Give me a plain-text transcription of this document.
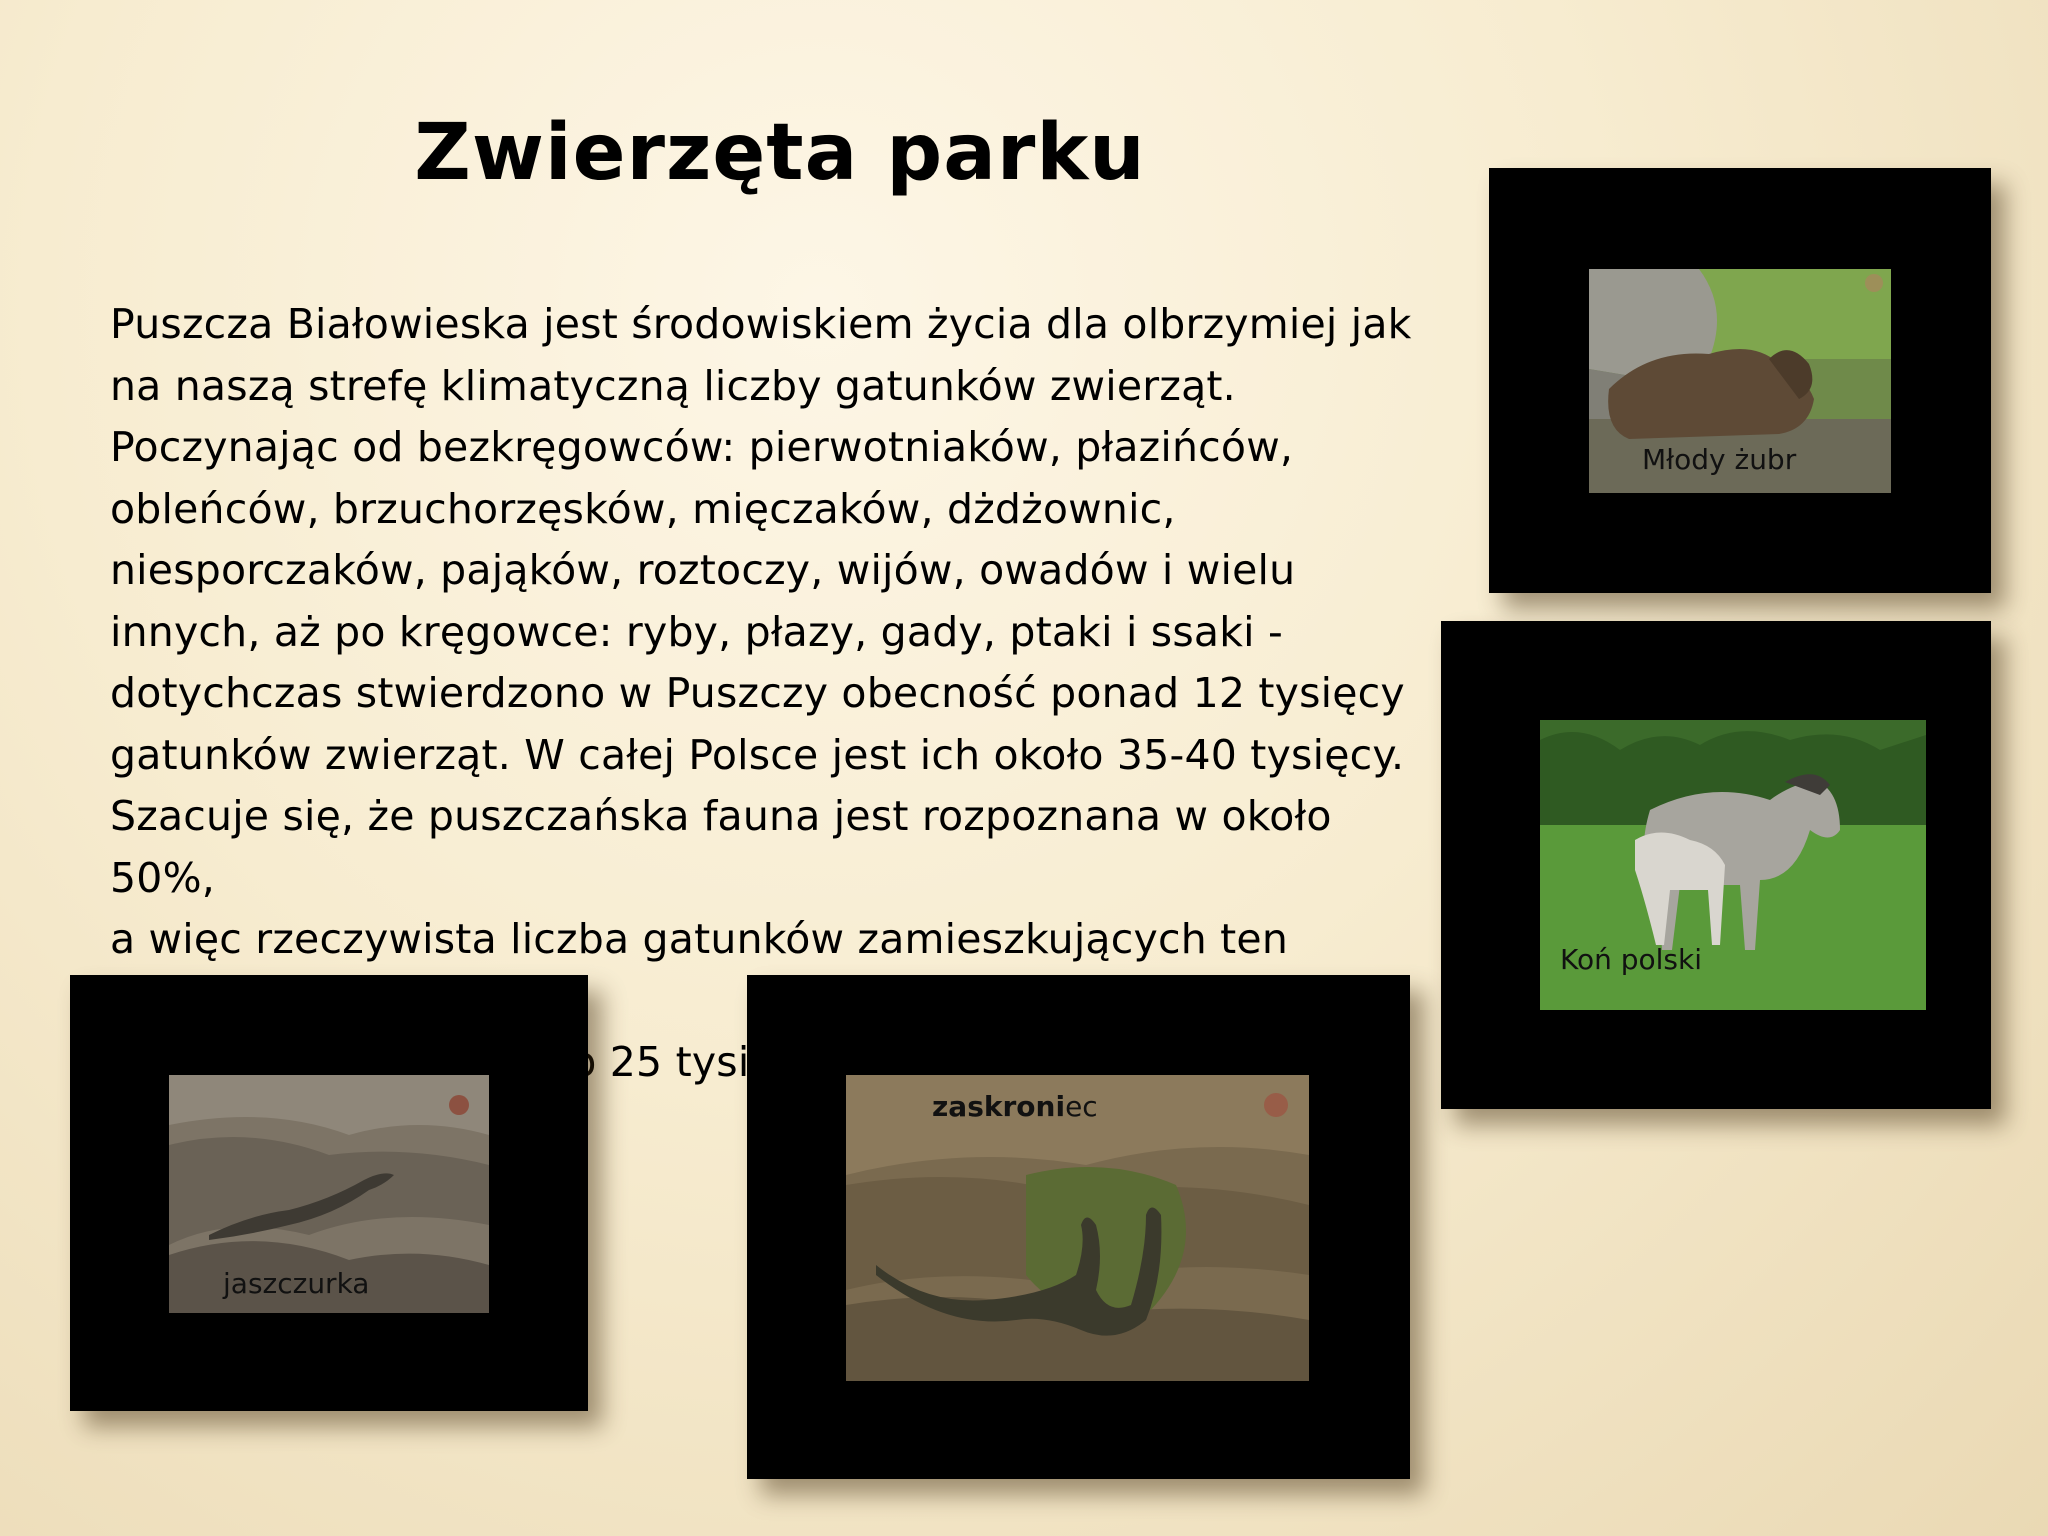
Zwierzęta parku
Puszcza Białowieska jest środowiskiem życia dla olbrzymiej jak
na naszą strefę klimatyczną liczby gatunków zwierząt.
Poczynając od bezkręgowców: pierwotniaków, płazińców,
obleńców, brzuchorzęsków, mięczaków, dżdżownic,
niesporczaków, pająków, roztoczy, wijów, owadów i wielu
innych, aż po kręgowce: ryby, płazy, gady, ptaki i ssaki -
dotychczas stwierdzono w Puszczy obecność ponad 12 tysięcy
gatunków zwierząt. W całej Polsce jest ich około 35-40 tysięcy.
Szacuje się, że puszczańska fauna jest rozpoznana w około 50%,
a więc rzeczywista liczba gatunków zamieszkujących ten
25
Młody żubr
Koń polski
jaszczurka
zaskroniec
